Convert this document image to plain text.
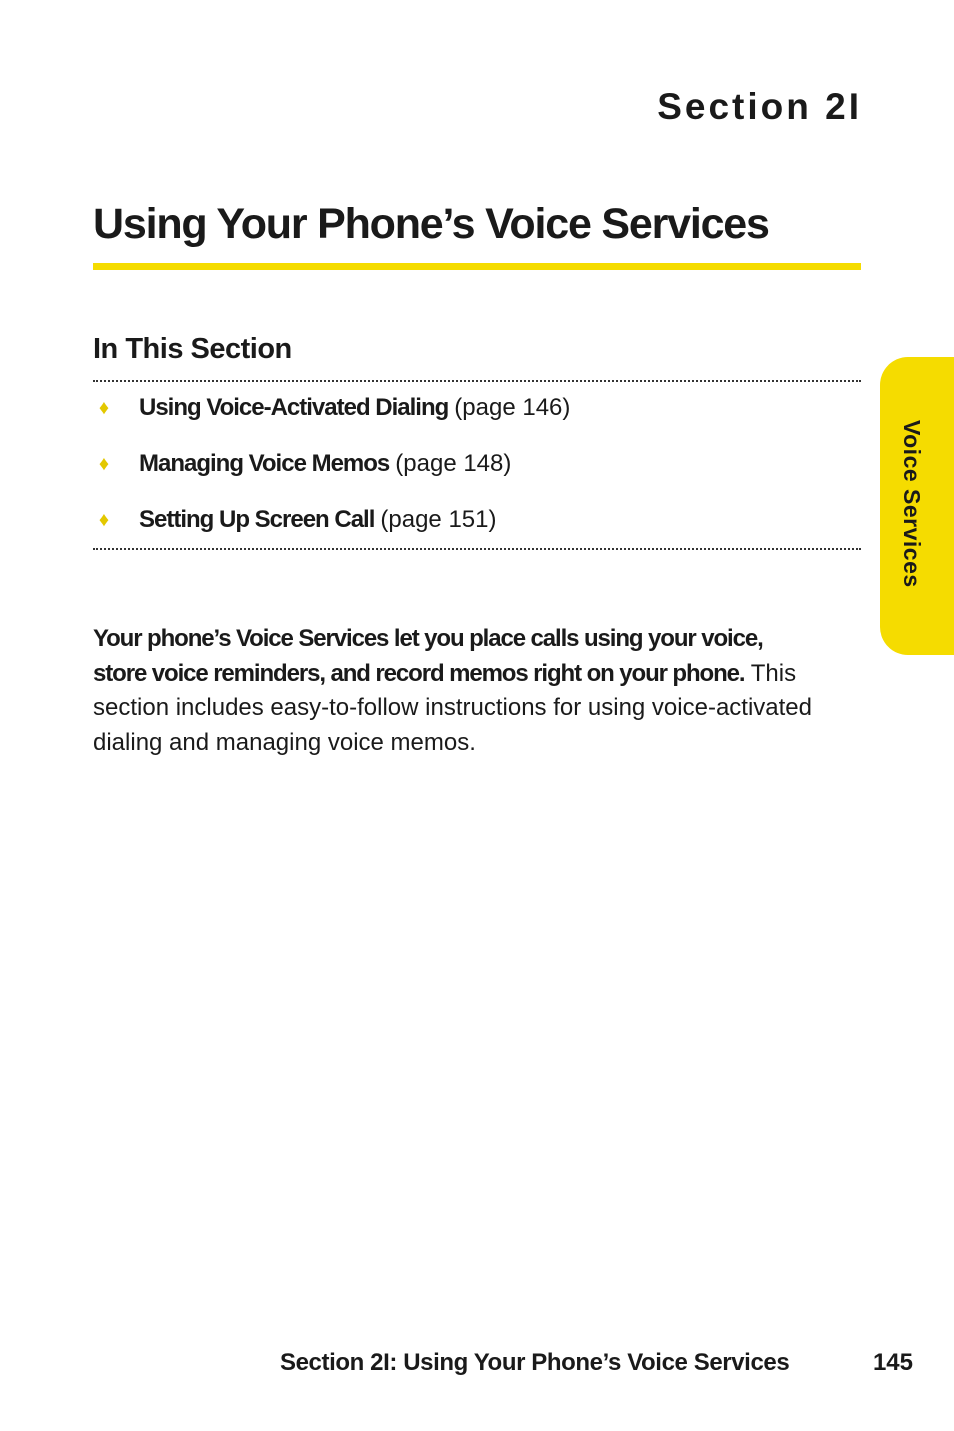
Section 2I
Using Your Phone’s Voice Services
In This Section
♦ Using Voice-Activated Dialing (page 146)
♦ Managing Voice Memos (page 148)
♦ Setting Up Screen Call (page 151)
Your phone’s Voice Services let you place calls using your voice, store voice reminders, and record memos right on your phone. This section includes easy-to-follow instructions for using voice-activated dialing and managing voice memos.
Voice Services
Section 2I: Using Your Phone’s Voice Services	145
